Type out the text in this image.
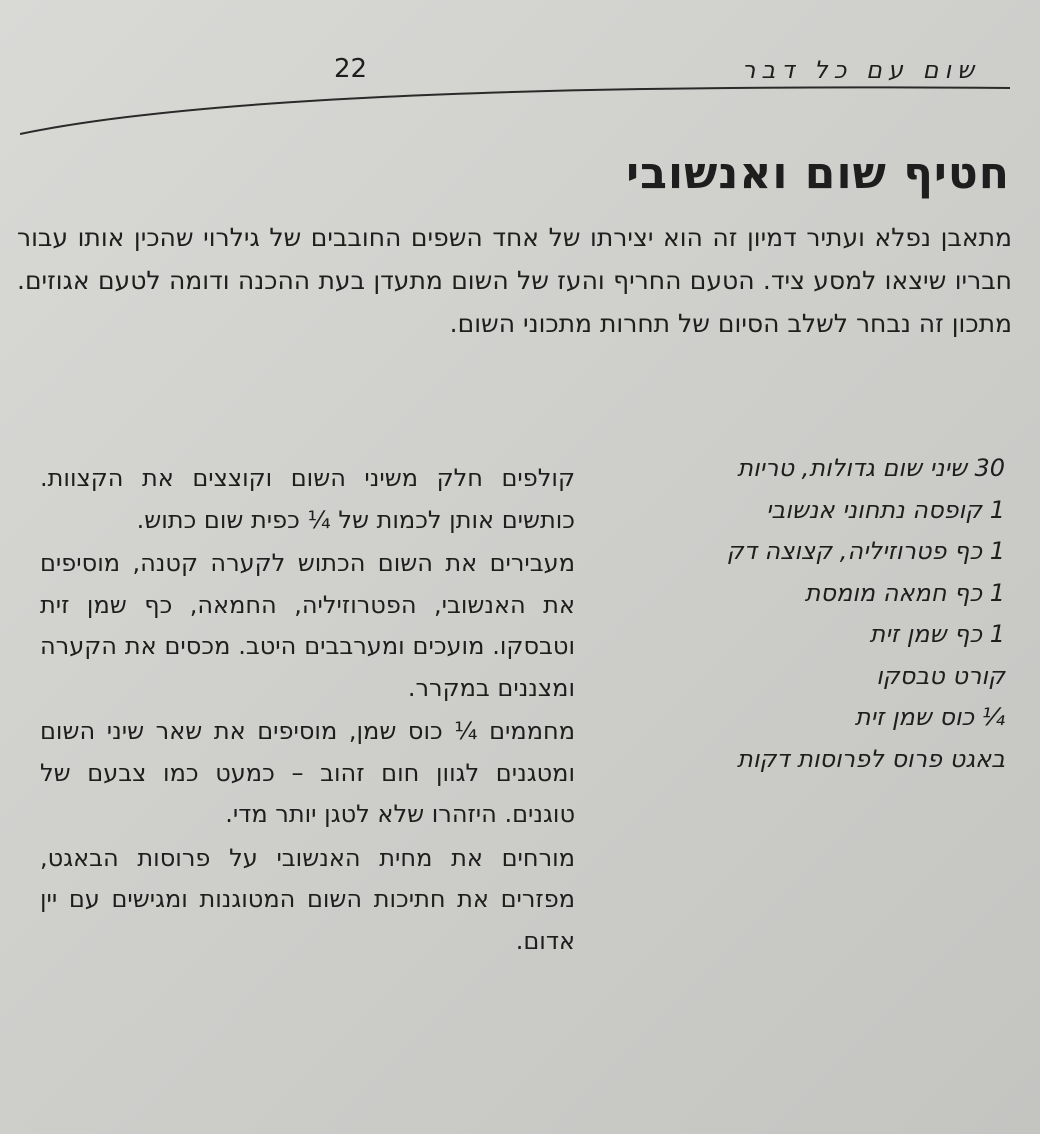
שום עם כל דבר
22
חטיף שום ואנשובי
מתאבן נפלא ועתיר דמיון זה הוא יצירתו של אחד השפים החובבים של גילרוי שהכין אותו עבור חבריו שיצאו למסע ציד. הטעם החריף והעז של השום מתעדן בעת ההכנה ודומה לטעם אגוזים. מתכון זה נבחר לשלב הסיום של תחרות מתכוני השום.
30 שיני שום גדולות, טריות
1 קופסה נתחוני אנשובי
1 כף פטרוזיליה, קצוצה דק
1 כף חמאה מומסת
1 כף שמן זית
קורט טבסקו
¼ כוס שמן זית
באגט פרוס לפרוסות דקות

קולפים חלק משיני השום וקוצצים את הקצוות. כותשים אותן לכמות של ¼ כפית שום כתוש.

מעבירים את השום הכתוש לקערה קטנה, מוסיפים את האנשובי, הפטרוזיליה, החמאה, כף שמן זית וטבסקו. מועכים ומערבבים היטב. מכסים את הקערה ומצננים במקרר.

מחממים ¼ כוס שמן, מוסיפים את שאר שיני השום ומטגנים לגוון חום זהוב – כמעט כמו צבעם של טוגנים. היזהרו שלא לטגן יותר מדי.

מורחים את מחית האנשובי על פרוסות הבאגט, מפזרים את חתיכות השום המטוגנות ומגישים עם יין אדום.
